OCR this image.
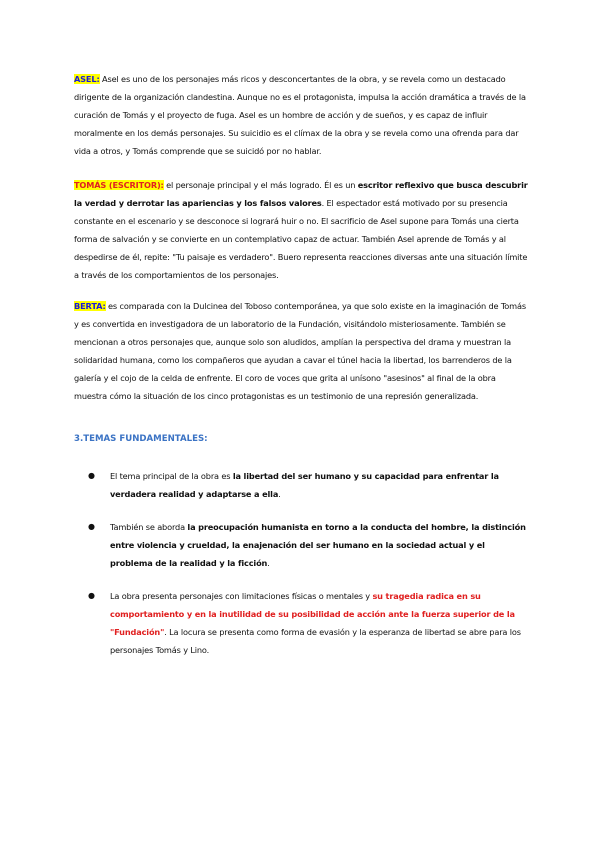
ASEL: Asel es uno de los personajes más ricos y desconcertantes de la obra, y se revela como un destacado dirigente de la organización clandestina. Aunque no es el protagonista, impulsa la acción dramática a través de la curación de Tomás y el proyecto de fuga. Asel es un hombre de acción y de sueños, y es capaz de influir moralmente en los demás personajes. Su suicidio es el clímax de la obra y se revela como una ofrenda para dar vida a otros, y Tomás comprende que se suicidó por no hablar.

TOMÁS (ESCRITOR): el personaje principal y el más logrado. Él es un escritor reflexivo que busca descubrir la verdad y derrotar las apariencias y los falsos valores. El espectador está motivado por su presencia constante en el escenario y se desconoce si logrará huir o no. El sacrificio de Asel supone para Tomás una cierta forma de salvación y se convierte en un contemplativo capaz de actuar. También Asel aprende de Tomás y al despedirse de él, repite: "Tu paisaje es verdadero". Buero representa reacciones diversas ante una situación límite a través de los comportamientos de los personajes.

BERTA: es comparada con la Dulcinea del Toboso contemporánea, ya que solo existe en la imaginación de Tomás y es convertida en investigadora de un laboratorio de la Fundación, visitándolo misteriosamente. También se mencionan a otros personajes que, aunque solo son aludidos, amplían la perspectiva del drama y muestran la solidaridad humana, como los compañeros que ayudan a cavar el túnel hacia la libertad, los barrenderos de la galería y el cojo de la celda de enfrente. El coro de voces que grita al unísono "asesinos" al final de la obra muestra cómo la situación de los cinco protagonistas es un testimonio de una represión generalizada.

3.TEMAS FUNDAMENTALES:

● El tema principal de la obra es la libertad del ser humano y su capacidad para enfrentar la verdadera realidad y adaptarse a ella.
● También se aborda la preocupación humanista en torno a la conducta del hombre, la distinción entre violencia y crueldad, la enajenación del ser humano en la sociedad actual y el problema de la realidad y la ficción.
● La obra presenta personajes con limitaciones físicas o mentales y su tragedia radica en su comportamiento y en la inutilidad de su posibilidad de acción ante la fuerza superior de la "Fundación". La locura se presenta como forma de evasión y la esperanza de libertad se abre para los personajes Tomás y Lino.
